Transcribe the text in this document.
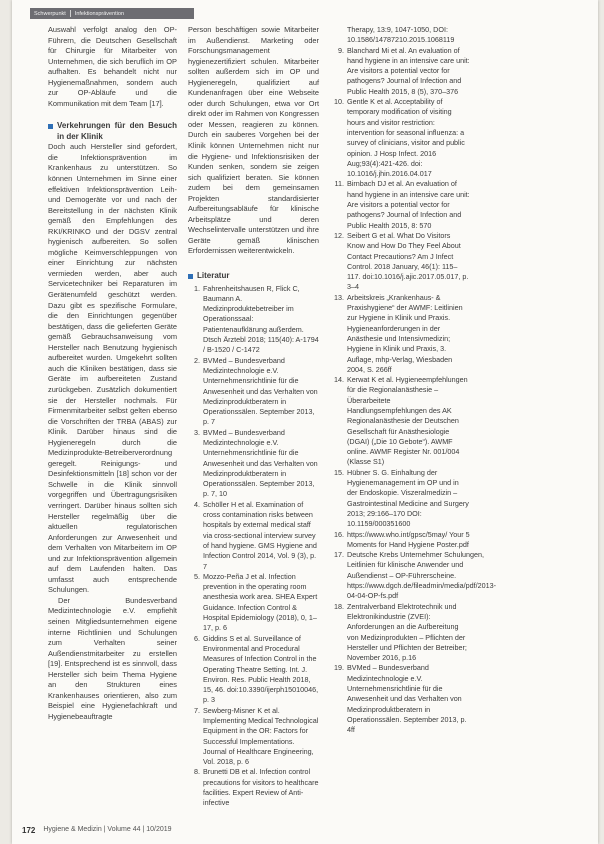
Schwerpunkt Infektionsprävention

Auswahl verfolgt analog den OP-Führern, die Deutschen Gesellschaft für Chirurgie für Mitarbeiter von Unternehmen, die sich beruflich im OP aufhalten. Es behandelt nicht nur Hygienemaßnahmen, sondern auch zur OP-Abläufe und die Kommunikation mit dem Team [17].

Verkehrungen für den Besuch in der Klinik

Doch auch Hersteller sind gefordert, die Infektionsprävention im Krankenhaus zu unterstützen. So können Unternehmen im Sinne einer effektiven Infektionsprävention Leih- und Demogeräte vor und nach der Bereitstellung in der nächsten Klinik gemäß den Empfehlungen des RKI/KRINKO und der DGSV zentral hygienisch aufbereiten. So sollen mögliche Keimverschleppungen von einer Einrichtung zur nächsten vermieden werden, aber auch Servicetechniker bei Reparaturen im Gerätenumfeld geschützt werden. Dazu gibt es spezifische Formulare, die den Einrichtungen gegenüber bestätigen, dass die gelieferten Geräte gemäß Gebrauchsanweisung vom Hersteller nach Benutzung hygienisch aufbereitet wurden. Umgekehrt sollten auch die Kliniken bestätigen, dass sie Geräte im aufbereiteten Zustand zurückgeben. Zusätzlich dokumentiert sie der Hersteller nochmals. Für Firmenmitarbeiter selbst gelten ebenso die Vorschriften der TRBA (ABAS) zur Klinik. Darüber hinaus sind die Hygieneregeln durch die Medizinprodukte-Betreiberverordnung geregelt. Reinigungs- und Desinfektionsmitteln [18] schon vor der Schwelle in die Klinik sinnvoll vorgegriffen und Übertragungsrisiken verringert. Darüber hinaus sollten sich Hersteller regelmäßig über die aktuellen regulatorischen Anforderungen zur Anwesenheit und dem Verhalten von Mitarbeitern im OP und zur Infektionsprävention allgemein auf dem Laufenden halten. Das umfasst auch entsprechende Schulungen.

Der Bundesverband Medizintechnologie e.V. empfiehlt seinen Mitgliedsunternehmen eigene interne Richtlinien und Schulungen zum Verhalten seiner Außendienstmitarbeiter zu erstellen [19]. Entsprechend ist es sinnvoll, dass Hersteller sich beim Thema Hygiene an den Strukturen eines Krankenhauses orientieren, also zum Beispiel eine Hygienefachkraft und Hygienebeauftragte

Person beschäftigen sowie Mitarbeiter im Außendienst. Marketing oder Forschungsmanagement hygienezertifiziert schulen. Mitarbeiter sollten außerdem sich im OP und Hygieneregeln, qualifiziert auf Kundenanfragen über eine Webseite oder durch Schulungen, etwa vor Ort direkt oder im Rahmen von Kongressen oder Messen, reagieren zu können. Durch ein sauberes Vorgehen bei der Klinik können Unternehmen nicht nur die Hygiene- und Infektionsrisiken der Kunden senken, sondern sie zeigen sich qualifiziert beraten. Sie können zudem bei dem gemeinsamen Projekten standardisierter Aufbereitungsabläufe für klinische Arbeitsplätze und deren Wechselintervalle unterstützen und ihre Geräte gemäß klinischen Erfordernissen weiterentwickeln.

Literatur
1. Fahrenheitshausen R, Flick C, Baumann A. Medizinproduktebetreiber im Operationssaal: Patientenaufklärung außerdem. Dtsch Ärztebl 2018; 115(40): A-1794 / B-1520 / C-1472
2. BVMed – Bundesverband Medizintechnologie e.V. Unternehmensrichtlinie für die Anwesenheit und das Verhalten von Medizinproduktberatern in Operationssälen. September 2013, p. 7
3. BVMed – Bundesverband Medizintechnologie e.V. Unternehmensrichtlinie für die Anwesenheit und das Verhalten von Medizinproduktberatern in Operationssälen. September 2013, p. 7, 10
4. Schöller H et al. Examination of cross contamination risks between hospitals by external medical staff via cross-sectional interview survey of hand hygiene. GMS Hygiene and Infection Control 2014, Vol. 9 (3), p. 7
5. Mozzo-Peña J et al. Infection prevention in the operating room anesthesia work area. SHEA Expert Guidance. Infection Control & Hospital Epidemiology (2018), 0, 1–17, p. 6
6. Giddins S et al. Surveillance of Environmental and Procedural Measures of Infection Control in the Operating Theatre Setting. Int. J. Environ. Res. Public Health 2018, 15, 46. doi:10.3390/ijerph15010046, p. 3
7. Sewberg-Misner K et al. Implementing Medical Technological Equipment in the OR: Factors for Successful Implementations. Journal of Healthcare Engineering, Vol. 2018, p. 6
8. Brunetti DB et al. Infection control precautions for visitors to healthcare facilities. Expert Review of Anti-infective
Therapy, 13:9, 1047-1050, DOI: 10.1586/14787210.2015.1068119
9. Blanchard Mi et al. An evaluation of hand hygiene in an intensive care unit: Are visitors a potential vector for pathogens? Journal of Infection and Public Health 2015, 8 (5), 370–376
10. Gentle K et al. Acceptability of temporary modification of visiting hours and visitor restriction: intervention for seasonal influenza: a survey of clinicians, visitor and public opinion. J Hosp Infect. 2016 Aug;93(4):421-426. doi: 10.1016/j.jhin.2016.04.017
11. Birnbach DJ et al. An evaluation of hand hygiene in an intensive care unit: Are visitors a potential vector for pathogens? Journal of Infection and Public Health 2015, 8: 570
12. Seibert G et al. What Do Visitors Know and How Do They Feel About Contact Precautions? Am J Infect Control. 2018 January, 46(1): 115–117. doi:10.1016/j.ajic.2017.05.017, p. 3–4
13. Arbeitskreis „Krankenhaus- & Praxishygiene“ der AWMF: Leitlinien zur Hygiene in Klinik und Praxis. Hygieneanforderungen in der Anästhesie und Intensivmedizin; Hygiene in Klinik und Praxis, 3. Auflage, mhp-Verlag, Wiesbaden 2004, S. 266ff
14. Kerwat K et al. Hygieneempfehlungen für die Regionalanästhesie – Überarbeitete Handlungsempfehlungen des AK Regionalanästhesie der Deutschen Gesellschaft für Anästhesiologie (DGAI) („Die 10 Gebote“). AWMF online. AWMF Register Nr. 001/004 (Klasse S1)
15. Hübner S. G. Einhaltung der Hygienemanagement im OP und in der Endoskopie. Viszeralmedizin – Gastrointestinal Medicine and Surgery 2013; 29:166–170 DOI: 10.1159/000351600
16. https://www.who.int/gpsc/5may/ Your 5 Moments for Hand Hygiene Poster.pdf
17. Deutsche Krebs Unternehmer Schulungen, Leitlinien für klinische Anwender und Außendienst – OP-Führerscheine. https://www.dgch.de/fileadmin/media/pdf/2013-04-04-OP-fs.pdf
18. Zentralverband Elektrotechnik und Elektronikindustrie (ZVEI): Anforderungen an die Aufbereitung von Medizinprodukten – Pflichten der Hersteller und Pflichten der Betreiber; November 2016, p.16
19. BVMed – Bundesverband Medizintechnologie e.V. Unternehmensrichtlinie für die Anwesenheit und das Verhalten von Medizinproduktberatern in Operationssälen. September 2013, p. 4ff
172 Hygiene & Medizin | Volume 44 | 10/2019
